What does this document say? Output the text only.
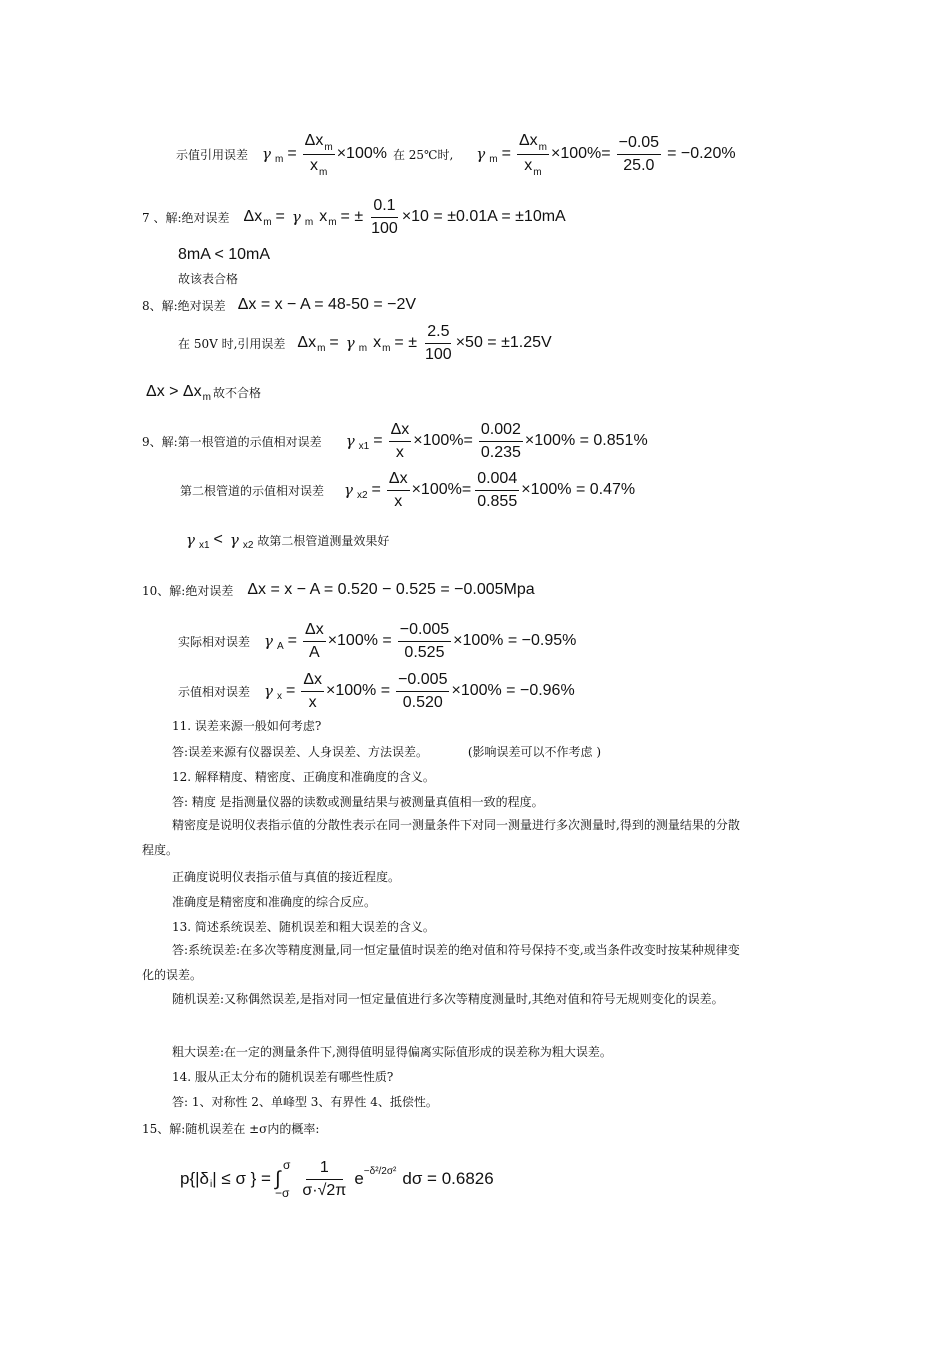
示值引用误差 γ $m = \frac{\Delta x_m}{x_m} \times 100\%$ 在 25℃时, γ $m = \frac{\Delta x_m}{x_m} \times 100\%= \frac{-0.05}{25.0} = -0.20\%$
7 、解:绝对误差 Δx m = γ m x m = ± $\frac{0.1}{100} \times 10 = \pm 0.01A = \pm 10mA$
8mA < 10mA
故该表合格
8、解:绝对误差 Δx = x − A = 48-50 = −2V
在 50V 时,引用误差 Δx m = γ m x m = ± $\frac{2.5}{100} \times 50 = \pm 1.25V$
Δx > Δx m 故不合格
9、解:第一根管道的示值相对误差 γ $x1 = \frac{\Delta x}{x} \times 100\%= \frac{0.002}{0.235} \times 100\% = 0.851\%$
第二根管道的示值相对误差 γ $x2 = \frac{\Delta x}{x} \times 100\%= \frac{0.004}{0.855} \times 100\% = 0.47\%$
γ x1 < γ x2 故第二根管道测量效果好
10、解:绝对误差 Δx = x − A = 0.520 − 0.525 = −0.005Mpa
实际相对误差 γ $A = \frac{\Delta x}{A} \times 100\% = \frac{-0.005}{0.525} \times 100\% = -0.95\%$
示值相对误差 γ $x = \frac{\Delta x}{x} \times 100\% = \frac{-0.005}{0.520} \times 100\% = -0.96\%$
11. 误差来源一般如何考虑?
答:误差来源有仪器误差、人身误差、方法误差。	(影响误差可以不作考虑 )
12. 解释精度、精密度、正确度和准确度的含义。
答: 精度 是指测量仪器的读数或测量结果与被测量真值相一致的程度。
精密度是说明仪表指示值的分散性表示在同一测量条件下对同一测量进行多次测量时,得到的测量结果的分散程度。
正确度说明仪表指示值与真值的接近程度。
准确度是精密度和准确度的综合反应。
13. 简述系统误差、随机误差和粗大误差的含义。
答:系统误差:在多次等精度测量,同一恒定量值时误差的绝对值和符号保持不变,或当条件改变时按某种规律变化的误差。
随机误差:又称偶然误差,是指对同一恒定量值进行多次等精度测量时,其绝对值和符号无规则变化的误差。
粗大误差:在一定的测量条件下,测得值明显得偏离实际值形成的误差称为粗大误差。
14. 服从正太分布的随机误差有哪些性质?
答: 1、对称性 2、单峰型 3、有界性 4、抵偿性。
15、解:随机误差在 ±σ内的概率:
p{|δ i | ≤ σ } =
σ
∫
$-\sigma \frac{1}{\sigma\cdot√2\pi}$ e −δ²/2σ² dσ = 0.6826
